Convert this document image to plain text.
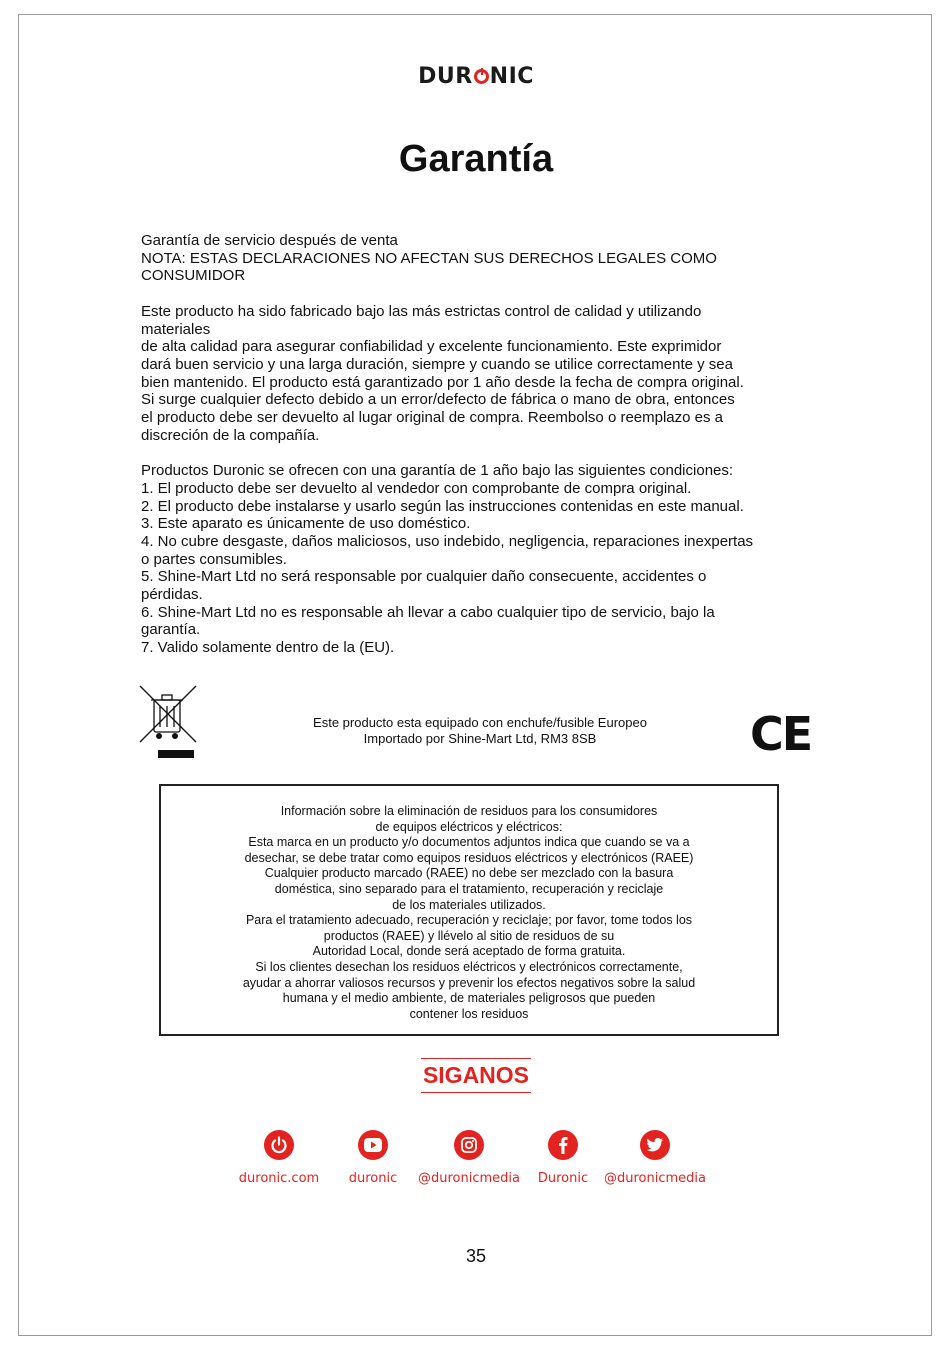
DUR NIC
Garantía

Garantía de servicio después de venta

NOTA: ESTAS DECLARACIONES NO AFECTAN SUS DERECHOS LEGALES COMO

CONSUMIDOR

Este producto ha sido fabricado bajo las más estrictas control de calidad y utilizando

materiales

de alta calidad para asegurar confiabilidad y excelente funcionamiento. Este exprimidor

dará buen servicio y una larga duración, siempre y cuando se utilice correctamente y sea

bien mantenido. El producto está garantizado por 1 año desde la fecha de compra original.

Si surge cualquier defecto debido a un error/defecto de fábrica o mano de obra, entonces

el producto debe ser devuelto al lugar original de compra. Reembolso o reemplazo es a

discreción de la compañía.

Productos Duronic se ofrecen con una garantía de 1 año bajo las siguientes condiciones:

1. El producto debe ser devuelto al vendedor con comprobante de compra original.

2. El producto debe instalarse y usarlo según las instrucciones contenidas en este manual.

3. Este aparato es únicamente de uso doméstico.

4. No cubre desgaste, daños maliciosos, uso indebido, negligencia, reparaciones inexpertas

o partes consumibles.

5. Shine-Mart Ltd no será responsable por cualquier daño consecuente, accidentes o

pérdidas.

6. Shine-Mart Ltd no es responsable ah llevar a cabo cualquier tipo de servicio, bajo la

garantía.

7. Valido solamente dentro de la (EU).

Este producto esta equipado con enchufe/fusible Europeo
Importado por Shine-Mart Ltd, RM3 8SB	CE

Información sobre la eliminación de residuos para los consumidores

de equipos eléctricos y eléctricos:

Esta marca en un producto y/o documentos adjuntos indica que cuando se va a

desechar, se debe tratar como equipos residuos eléctricos y electrónicos (RAEE)

Cualquier producto marcado (RAEE) no debe ser mezclado con la basura

doméstica, sino separado para el tratamiento, recuperación y reciclaje

de los materiales utilizados.

Para el tratamiento adecuado, recuperación y reciclaje; por favor, tome todos los

productos (RAEE) y llévelo al sitio de residuos de su

Autoridad Local, donde será aceptado de forma gratuita.

Si los clientes desechan los residuos eléctricos y electrónicos correctamente,

ayudar a ahorrar valiosos recursos y prevenir los efectos negativos sobre la salud

humana y el medio ambiente, de materiales peligrosos que pueden

contener los residuos

SIGANOS
duronic.com	duronic	@duronicmedia	Duronic	@duronicmedia
35
